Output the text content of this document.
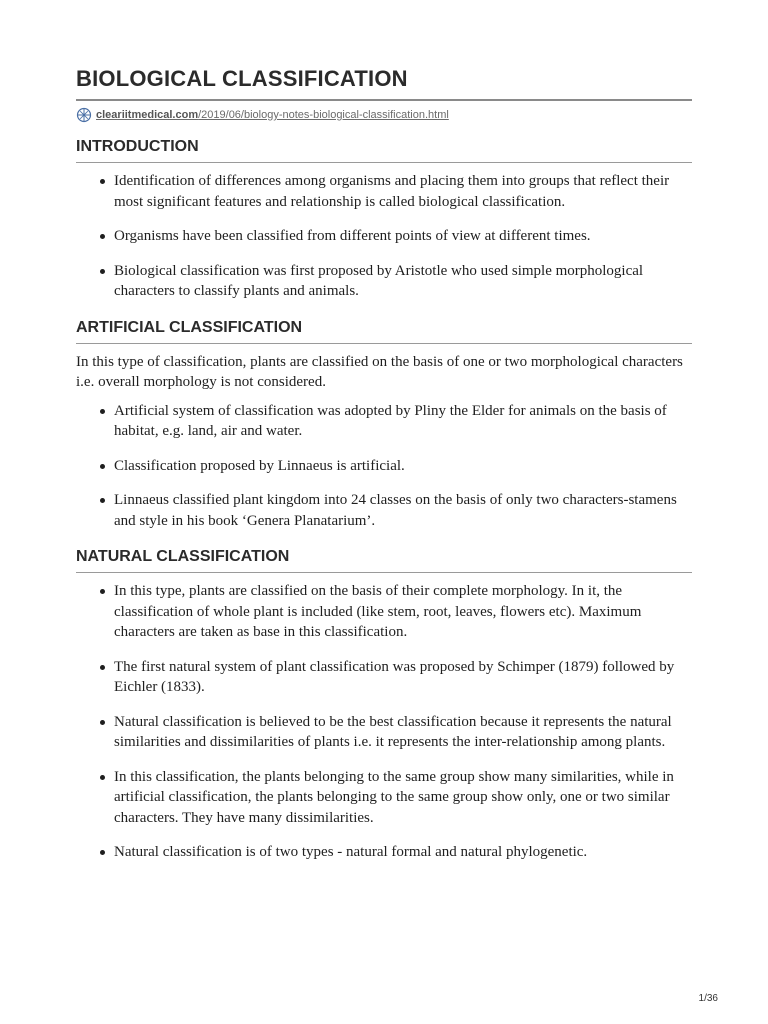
BIOLOGICAL CLASSIFICATION
cleariitmedical.com/2019/06/biology-notes-biological-classification.html
INTRODUCTION
Identification of differences among organisms and placing them into groups that reflect their most significant features and relationship is called biological classification.
Organisms have been classified from different points of view at different times.
Biological classification was first proposed by Aristotle who used simple morphological characters to classify plants and animals.
ARTIFICIAL CLASSIFICATION

In this type of classification, plants are classified on the basis of one or two morphological characters i.e. overall morphology is not considered.

Artificial system of classification was adopted by Pliny the Elder for animals on the basis of habitat, e.g. land, air and water.
Classification proposed by Linnaeus is artificial.
Linnaeus classified plant kingdom into 24 classes on the basis of only two characters-stamens and style in his book ‘Genera Planatarium’.
NATURAL CLASSIFICATION
In this type, plants are classified on the basis of their complete morphology. In it, the classification of whole plant is included (like stem, root, leaves, flowers etc). Maximum characters are taken as base in this classification.
The first natural system of plant classification was proposed by Schimper (1879) followed by Eichler (1833).
Natural classification is believed to be the best classification because it represents the natural similarities and dissimilarities of plants i.e. it represents the inter-relationship among plants.
In this classification, the plants belonging to the same group show many similarities, while in artificial classification, the plants belonging to the same group show only, one or two similar characters. They have many dissimilarities.
Natural classification is of two types - natural formal and natural phylogenetic.
1/36
